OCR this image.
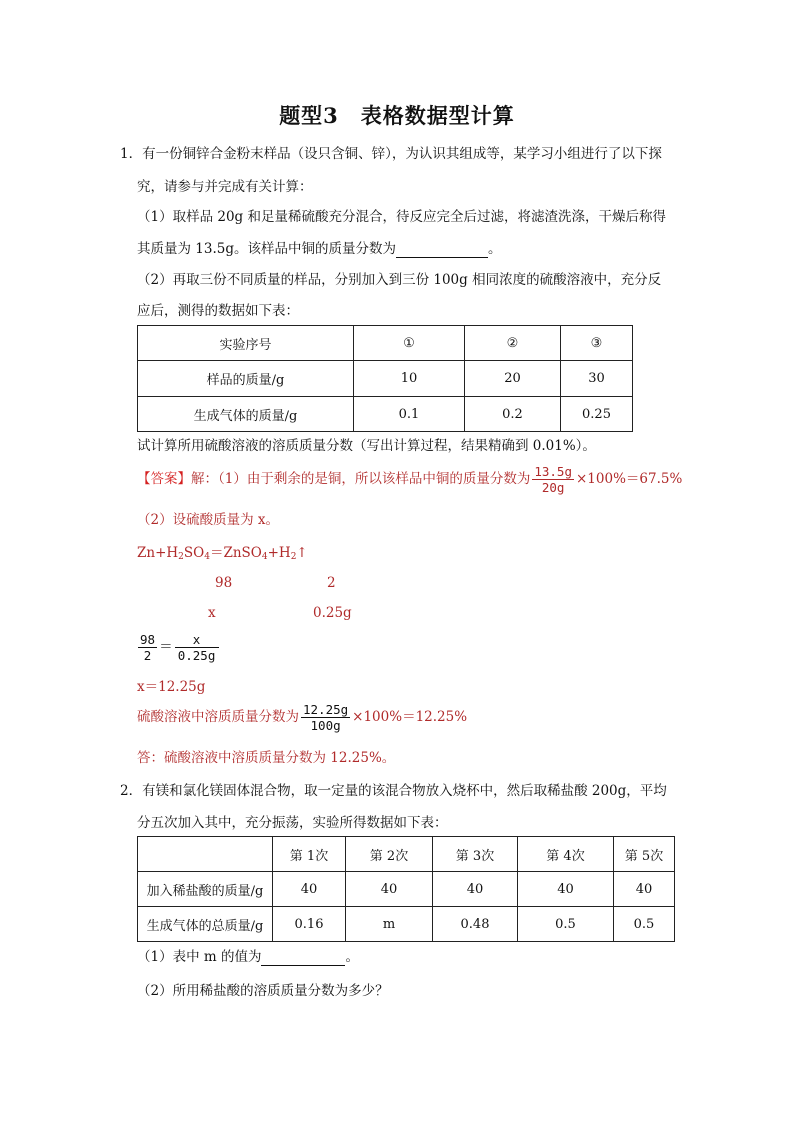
题型3　表格数据型计算
1．有一份铜锌合金粉末样品（设只含铜、锌），为认识其组成等，某学习小组进行了以下探
究，请参与并完成有关计算：
（1）取样品 20g 和足量稀硫酸充分混合，待反应完全后过滤，将滤渣洗涤，干燥后称得
其质量为 13.5g。该样品中铜的质量分数为	。
（2）再取三份不同质量的样品，分别加入到三份 100g 相同浓度的硫酸溶液中，充分反
应后，测得的数据如下表：
实验序号	①	②	③
样品的质量/g	10	20	30
生成气体的质量/g	0.1	0.2	0.25
试计算所用硫酸溶液的溶质质量分数（写出计算过程，结果精确到 0.01%）。
【答案】解：（1）由于剩余的是铜，所以该样品中铜的质量分数为 $\frac{13.5g}{20g} \times 100\%=67.5\%$
（2）设硫酸质量为 x。
$Zn+H_2SO_4=ZnSO_4+H_2↑$
98	2
x	0.25g
$\frac{98}{2} = \frac{x}{0.25g}$
x＝12.25g
硫酸溶液中溶质质量分数为 $\frac{12.25g}{100g} \times 100\%=12.25\%$
答：硫酸溶液中溶质质量分数为 12.25%。
2．有镁和氯化镁固体混合物，取一定量的该混合物放入烧杯中，然后取稀盐酸 200g，平均
分五次加入其中，充分振荡，实验所得数据如下表：
	第 1次	第 2次	第 3次	第 4次	第 5次
加入稀盐酸的质量/g	40	40	40	40	40
生成气体的总质量/g	0.16	m	0.48	0.5	0.5
（1）表中 m 的值为	。
（2）所用稀盐酸的溶质质量分数为多少？
